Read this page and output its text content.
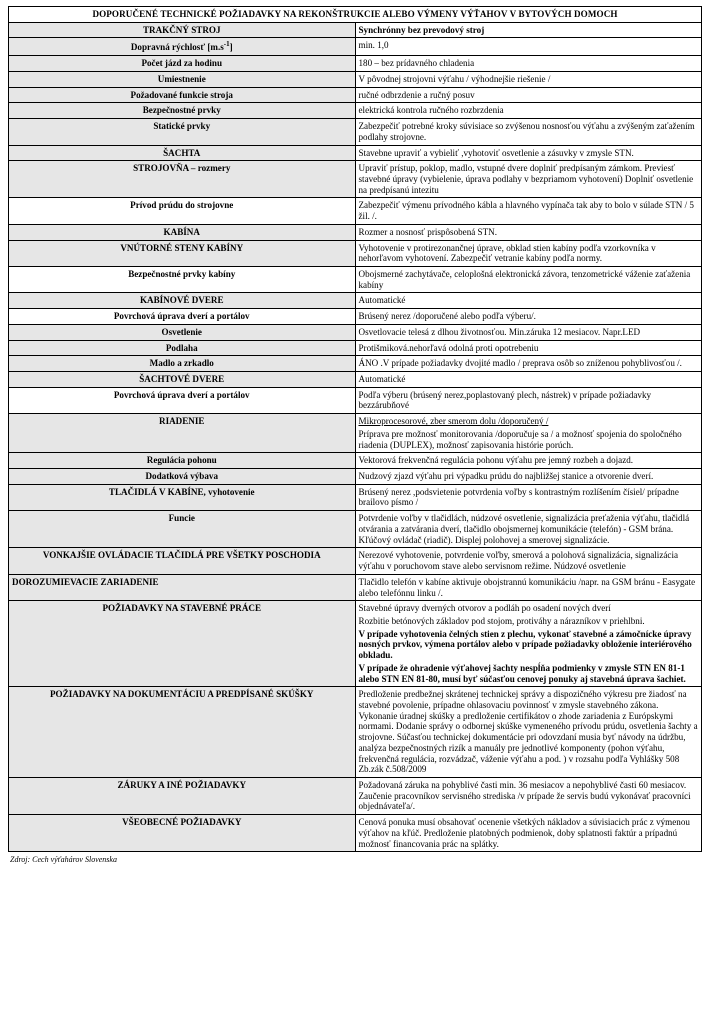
DOPORUČENÉ TECHNICKÉ POŽIADAVKY NA REKONŠTRUKCIE ALEBO VÝMENY VÝŤAHOV V BYTOVÝCH DOMOCH	
TRAKČNÝ STROJ	Synchrónny bez prevodový stroj

Dopravná rýchlosť $[m.s^{-1}]$	min. 1,0

Počet jázd za hodinu	180 – bez prídavného chladenia

Umiestnenie	V pôvodnej strojovni výťahu / výhodnejšie riešenie /

Požadované funkcie stroja	ručné odbrzdenie a ručný posuv

Bezpečnostné prvky	elektrická kontrola ručného rozbrzdenia

Statické prvky	Zabezpečiť potrebné kroky súvisiace so zvýšenou nosnosťou výťahu a zvýšeným zaťažením podlahy strojovne.

ŠACHTA	Stavebne upraviť a vybieliť ,vyhotoviť osvetlenie a zásuvky v zmysle STN.

STROJOVŇA – rozmery	Upraviť prístup, poklop, madlo, vstupné dvere doplniť predpísaným zámkom. Previesť stavebné úpravy (vybielenie, úprava podlahy v bezpriamom vyhotovení) Doplniť osvetlenie na predpísanú intezitu

Prívod prúdu do strojovne	Zabezpečiť výmenu prívodného kábla a hlavného vypínača tak aby to bolo v súlade STN / 5 žil. /.

KABÍNA	Rozmer a nosnosť prispôsobená STN.

VNÚTORNÉ STENY KABÍNY	Vyhotovenie v protirezonančnej úprave, obklad stien kabíny podľa vzorkovníka v nehorľavom vyhotovení. Zabezpečiť vetranie kabíny podľa normy.

Bezpečnostné prvky kabíny	Obojsmerné zachytávače, celoplošná elektronická závora, tenzometrické váženie zaťaženia kabíny

KABÍNOVÉ DVERE	Automatické

Povrchová úprava dverí a portálov	Brúsený nerez /doporučené alebo podľa výberu/.

Osvetlenie	Osvetlovacie telesá z dlhou životnosťou. Min.záruka 12 mesiacov. Napr.LED

Podlaha	Protišmiková.nehorľavá odolná proti opotrebeniu

Madlo a zrkadlo	ÁNO .V prípade požiadavky dvojité madlo / preprava osôb so zníženou pohyblivosťou /.

ŠACHTOVÉ DVERE	Automatické

Povrchová úprava dverí a portálov	Podľa výberu (brúsený nerez,poplastovaný plech, nástrek) v prípade požiadavky bezzárubňové

RIADENIE	Mikroprocesorové, zber smerom dolu /doporučený /

Príprava pre možnosť monitorovania /doporučuje sa / a možnosť spojenia do spoločného riadenia (DUPLEX), možnosť zapisovania histórie porúch.

Regulácia pohonu	Vektorová frekvenčná regulácia pohonu výťahu pre jemný rozbeh a dojazd.

Dodatková výbava	Nudzový zjazd výťahu pri výpadku prúdu do najbližšej stanice a otvorenie dverí.

TLAČIDLÁ V KABÍNE, vyhotovenie	Brúsený nerez ,podsvietenie potvrdenia voľby s kontrastným rozlíšením čísiel/ prípadne brailovo písmo /

Funcie	Potvrdenie voľby v tlačidlách, núdzové osvetlenie, signalizácia preťaženia výťahu, tlačidlá otvárania a zatvárania dverí, tlačidlo obojsmernej komunikácie (telefón) - GSM brána. Kľúčový ovládač (riadič). Displej polohovej a smerovej signalizácie.

VONKAJŠIE OVLÁDACIE TLAČIDLÁ PRE VŠETKY POSCHODIA	Nerezové vyhotovenie, potvrdenie voľby, smerová a polohová signalizácia, signalizácia výťahu v poruchovom stave alebo servisnom režime. Núdzové osvetlenie

DOROZUMIEVACIE ZARIADENIE	Tlačidlo telefón v kabíne aktivuje obojstrannú komunikáciu /napr. na GSM bránu - Easygate alebo telefónnu linku /.

POŽIADAVKY NA STAVEBNÉ PRÁCE	Stavebné úpravy dverných otvorov a podláh po osadení nových dverí

Rozbitie betónových základov pod stojom, protiváhy a nárazníkov v priehlbni.

V prípade vyhotovenia čelných stien z plechu, vykonať stavebné a zámočnícke úpravy nosných prvkov, výmena portálov alebo v prípade požiadavky obloženie interiérového obkladu.

V prípade že ohradenie výťahovej šachty nespĺňa podmienky v zmysle STN EN 81-1 alebo STN EN 81-80, musí byť súčasťou cenovej ponuky aj stavebná úprava šachiet.

POŽIADAVKY NA DOKUMENTÁCIU A PREDPÍSANÉ SKÚŠKY	Predloženie predbežnej skrátenej technickej správy a dispozičného výkresu pre žiadosť na stavebné povolenie, prípadne ohlasovaciu povinnosť v zmysle stavebného zákona. Vykonanie úradnej skúšky a predloženie certifikátov o zhode zariadenia z Európskymi normami. Dodanie správy o odbornej skúške vymeneného prívodu prúdu, osvetlenia šachty a strojovne. Súčasťou technickej dokumentácie pri odovzdaní musia byť návody na údržbu, analýza bezpečnostných rizík a manuály pre jednotlivé komponenty (pohon výťahu, frekvenčná regulácia, rozvádzač, váženie výťahu a pod. ) v rozsahu podľa Vyhlášky 508 Zb.zák č.508/2009

ZÁRUKY A INÉ POŽIADAVKY	Požadovaná záruka na pohyblivé časti min. 36 mesiacov a nepohyblivé časti 60 mesiacov. Zaučenie pracovníkov servisného strediska /v prípade že servis budú vykonávať pracovníci objednávateľa/.

VŠEOBECNÉ POŽIADAVKY	Cenová ponuka musí obsahovať ocenenie všetkých nákladov a súvisiacich prác z výmenou výťahov na kľúč. Predloženie platobných podmienok, doby splatnosti faktúr a prípadnú možnosť financovania prác na splátky.

Zdroj: Cech výťahárov Slovenska
